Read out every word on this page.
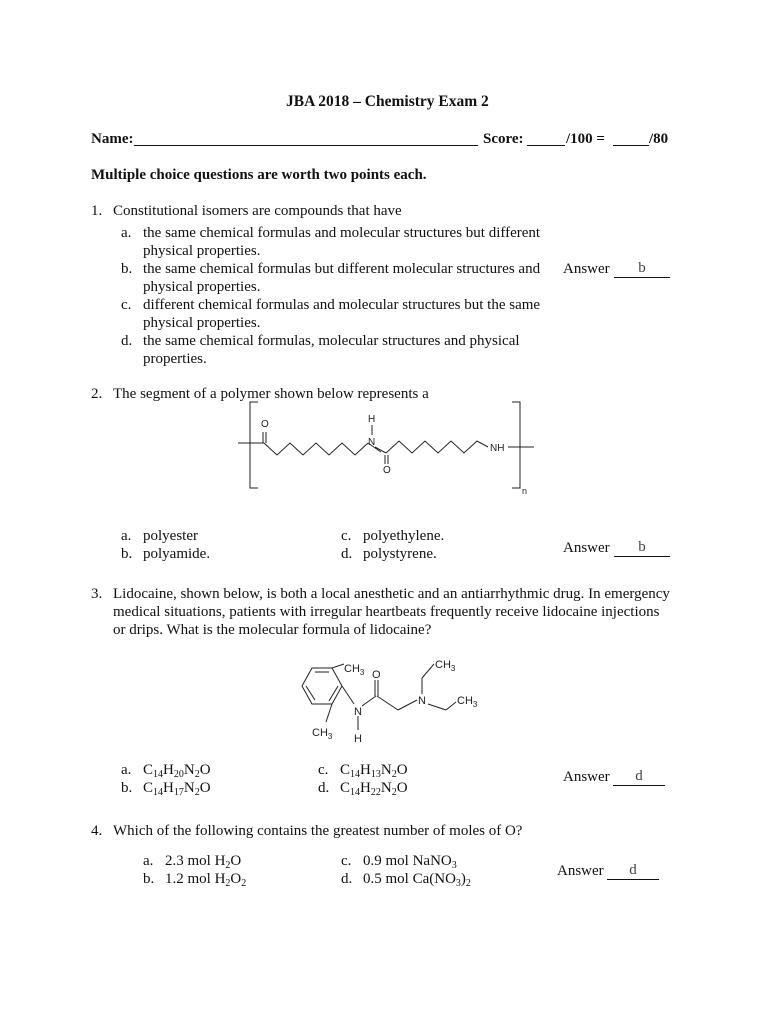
JBA 2018 – Chemistry Exam 2
Name:	Score:	/100 =	/80
Multiple choice questions are worth two points each.
1. Constitutional isomers are compounds that have
a. the same chemical formulas and molecular structures but different
physical properties.
b. the same chemical formulas but different molecular structures and
physical properties.
c. different chemical formulas and molecular structures but the same
physical properties.
d. the same chemical formulas, molecular structures and physical
properties.
Answer	b
2. The segment of a polymer shown below represents a
O	H
N
O
NH
n
a. polyester
b. polyamide.
c. polyethylene.
d. polystyrene.	Answer	b
3. Lidocaine, shown below, is both a local anesthetic and an antiarrhythmic drug. In emergency
medical situations, patients with irregular heartbeats frequently receive lidocaine injections
or drips. What is the molecular formula of lidocaine?
$CH_3$ O
$CH_3$
N
N	$CH_3$
$CH_3$ H
a. $C_{14}H_{20}N_2O$
b. $C_{14}H_{17}N_2O$
c. $C_{14}H_{13}N_2O$
d. $C_{14}H_{22}N_2O$
Answer	d
4. Which of the following contains the greatest number of moles of O?
a. 2.3 mol $H_2O$
b. 1.2 mol $H_2O_2$
c. 0.9 mol NaNO$_3$
d. 0.5 mol $Ca(NO_3)_2$
Answer	d
